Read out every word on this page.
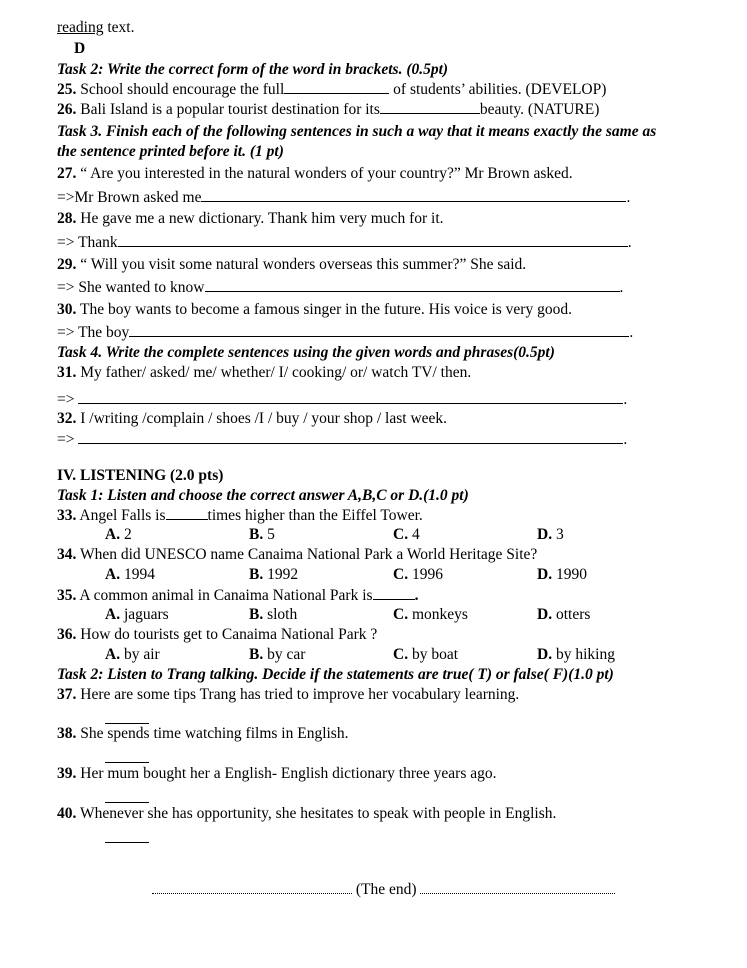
reading text.
D
Task 2: Write the correct form of the word in brackets. (0.5pt)
25. School should encourage the full	of students’ abilities. (DEVELOP)
26. Bali Island is a popular tourist destination for its	beauty. (NATURE)
Task 3. Finish each of the following sentences in such a way that it means exactly the same as
the sentence printed before it. (1 pt)
27. “ Are you interested in the natural wonders of your country?” Mr Brown asked.
=>Mr Brown asked me	.
28. He gave me a new dictionary. Thank him very much for it.
=> Thank	.
29. “ Will you visit some natural wonders overseas this summer?” She said.
=> She wanted to know	.
30. The boy wants to become a famous singer in the future. His voice is very good.
=> The boy	.
Task 4. Write the complete sentences using the given words and phrases(0.5pt)
31. My father/ asked/ me/ whether/ I/ cooking/ or/ watch TV/ then.
=>	.
32. I /writing /complain / shoes /I / buy / your shop / last week.
=>	.
IV. LISTENING (2.0 pts)
Task 1: Listen and choose the correct answer A,B,C or D.(1.0 pt)
33. Angel Falls is	times higher than the Eiffel Tower.
A. 2	B. 5	C. 4	D. 3
34. When did UNESCO name Canaima National Park a World Heritage Site?
A. 1994	B. 1992	C. 1996	D. 1990
35. A common animal in Canaima National Park is	.
A. jaguars	B. sloth	C. monkeys	D. otters
36. How do tourists get to Canaima National Park ?
A. by air	B. by car	C. by boat	D. by hiking
Task 2: Listen to Trang talking. Decide if the statements are true( T) or false( F)(1.0 pt)
37. Here are some tips Trang has tried to improve her vocabulary learning.
38. She spends time watching films in English.
39. Her mum bought her a English- English dictionary three years ago.
40. Whenever she has opportunity, she hesitates to speak with people in English.
(The end)
